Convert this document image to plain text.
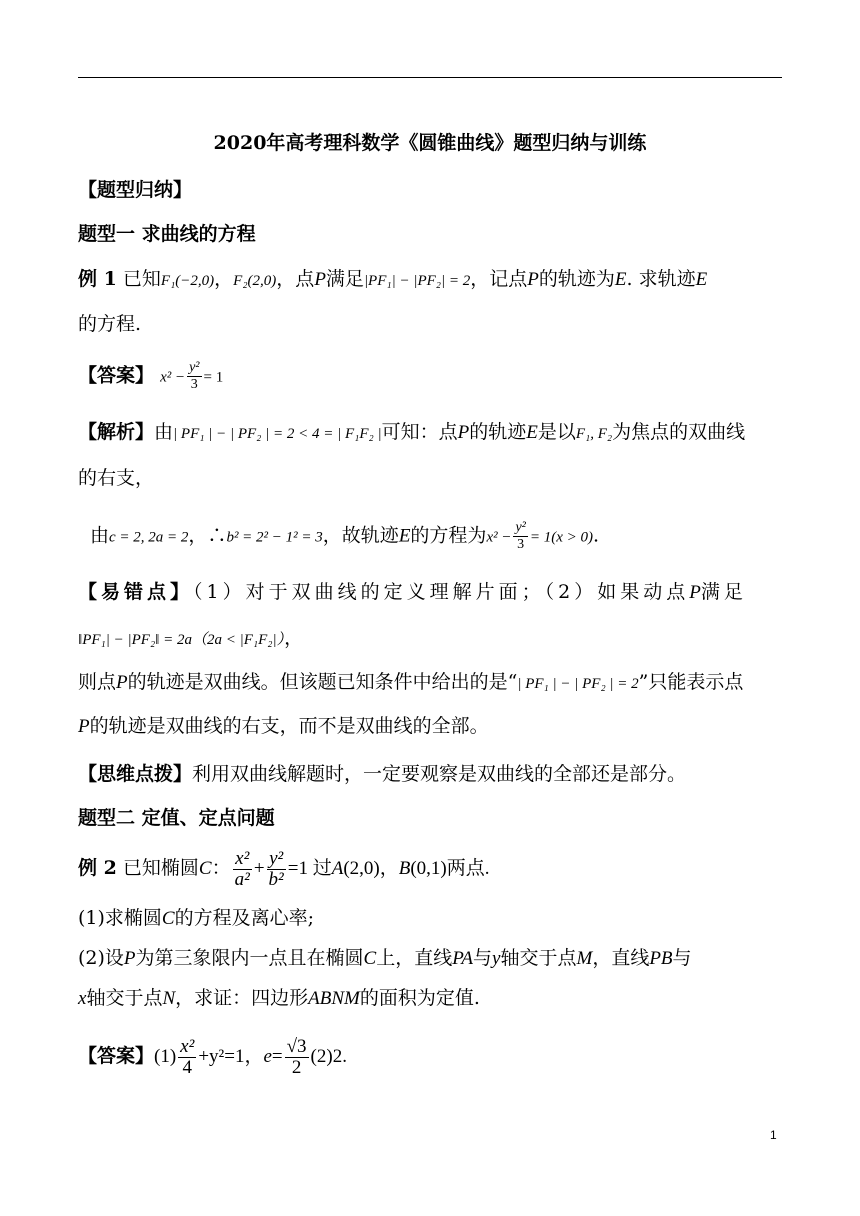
2020年高考理科数学《圆锥曲线》题型归纳与训练
【题型归纳】
题型一 求曲线的方程
例 1 已知F₁(−2,0)，F₂(2,0)，点P满足|PF₁| − |PF₂| = 2，记点P的轨迹为E. 求轨迹E
的方程.
【答案】 $x^2 - \frac{\text{y²}}{3} = 1$
【解析】由| PF₁ | − | PF₂ | = 2 < 4 = | F₁F₂ |可知：点P的轨迹E是以F₁, F₂为焦点的双曲线
的右支，
由c = 2, 2a = 2，∴b² = 2² − 1² = 3，故轨迹E的方程为$x^2 - \frac{\text{y²}}{3} = 1(x > 0)$.
【易错点】（1）对于双曲线的定义理解片面；（2）如果动点P满足
‖PF₁| − |PF₂‖ = 2a（2a < |F₁F₂|），
则点P的轨迹是双曲线。但该题已知条件中给出的是“| PF₁ | − | PF₂ | = 2”只能表示点
P的轨迹是双曲线的右支，而不是双曲线的全部。
【思维点拨】利用双曲线解题时，一定要观察是双曲线的全部还是部分。
题型二 定值、定点问题
例 2 已知椭圆C： $\frac{\text{x²}}{\text{a²}} + \frac{\text{y²}}{\text{b²}} =1$ 过A(2,0)，B(0,1)两点.
(1)求椭圆C的方程及离心率;
(2)设P为第三象限内一点且在椭圆C上，直线PA与y轴交于点M，直线PB与
x轴交于点N，求证：四边形ABNM的面积为定值.
【答案】$(1) \frac{\text{x²}}{4} +y^2=1$，$e= \frac{√3}{2} (2)2$.
1
